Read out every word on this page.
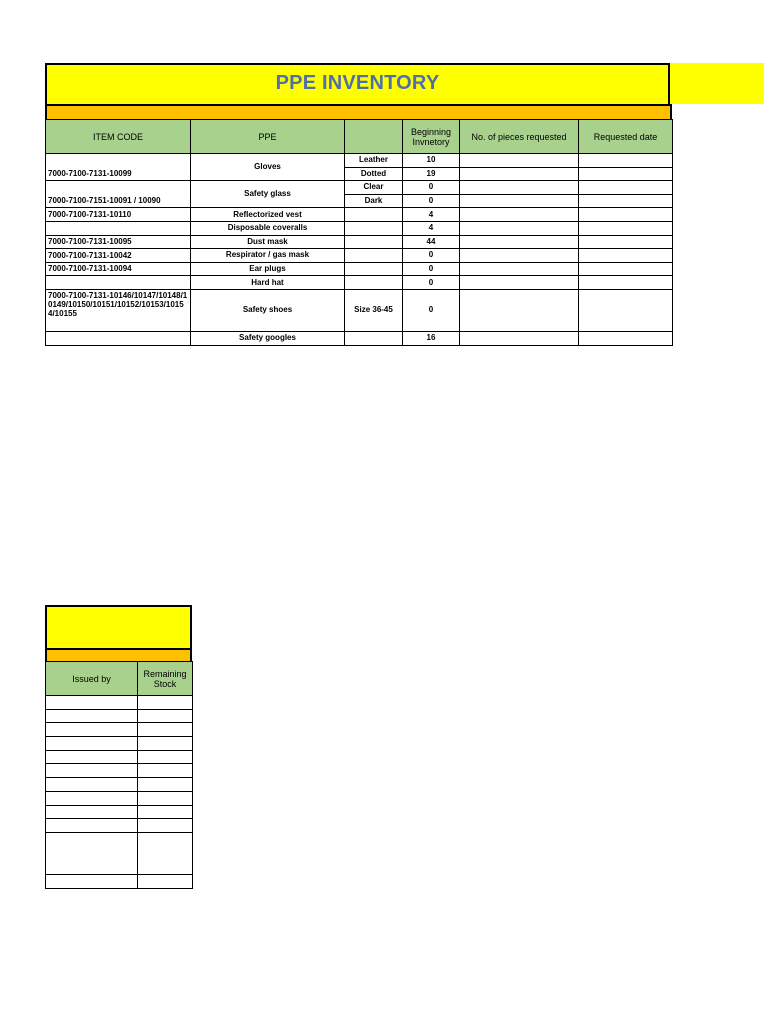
PPE INVENTORY
ITEM CODE	PPE		Beginning Invnetory	No. of pieces requested	Requested date
7000-7100-7131-10099	Gloves	Leather	10		
		Dotted	19		
7000-7100-7151-10091 / 10090	Safety glass	Clear	0		
		Dark	0		
7000-7100-7131-10110	Reflectorized vest		4		
	Disposable coveralls		4		
7000-7100-7131-10095	Dust mask		44		
7000-7100-7131-10042	Respirator / gas mask		0		
7000-7100-7131-10094	Ear plugs		0		
	Hard hat		0		
7000-7100-7131-10146/10147/10148/10149/10150/10151/10152/10153/10154/10155	Safety shoes	Size 36-45	0		
	Safety googles		16		
Issued by	Remaining Stock
